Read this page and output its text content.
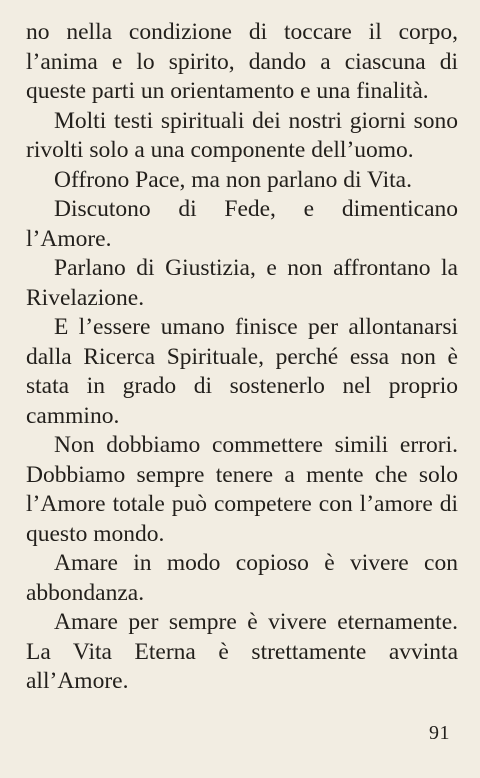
no nella condizione di toccare il corpo, l’anima e lo spirito, dando a ciascuna di queste parti un orientamento e una finalità.

Molti testi spirituali dei nostri giorni sono rivolti solo a una componente dell’uomo.

Offrono Pace, ma non parlano di Vita.

Discutono di Fede, e dimenticano l’Amore.

Parlano di Giustizia, e non affrontano la Rivelazione.

E l’essere umano finisce per allontanarsi dalla Ricerca Spirituale, perché essa non è stata in grado di sostenerlo nel proprio cammino.

Non dobbiamo commettere simili errori. Dobbiamo sempre tenere a mente che solo l’Amore totale può competere con l’amore di questo mondo.

Amare in modo copioso è vivere con abbondanza.

Amare per sempre è vivere eternamente. La Vita Eterna è strettamente avvinta all’Amore.

91
